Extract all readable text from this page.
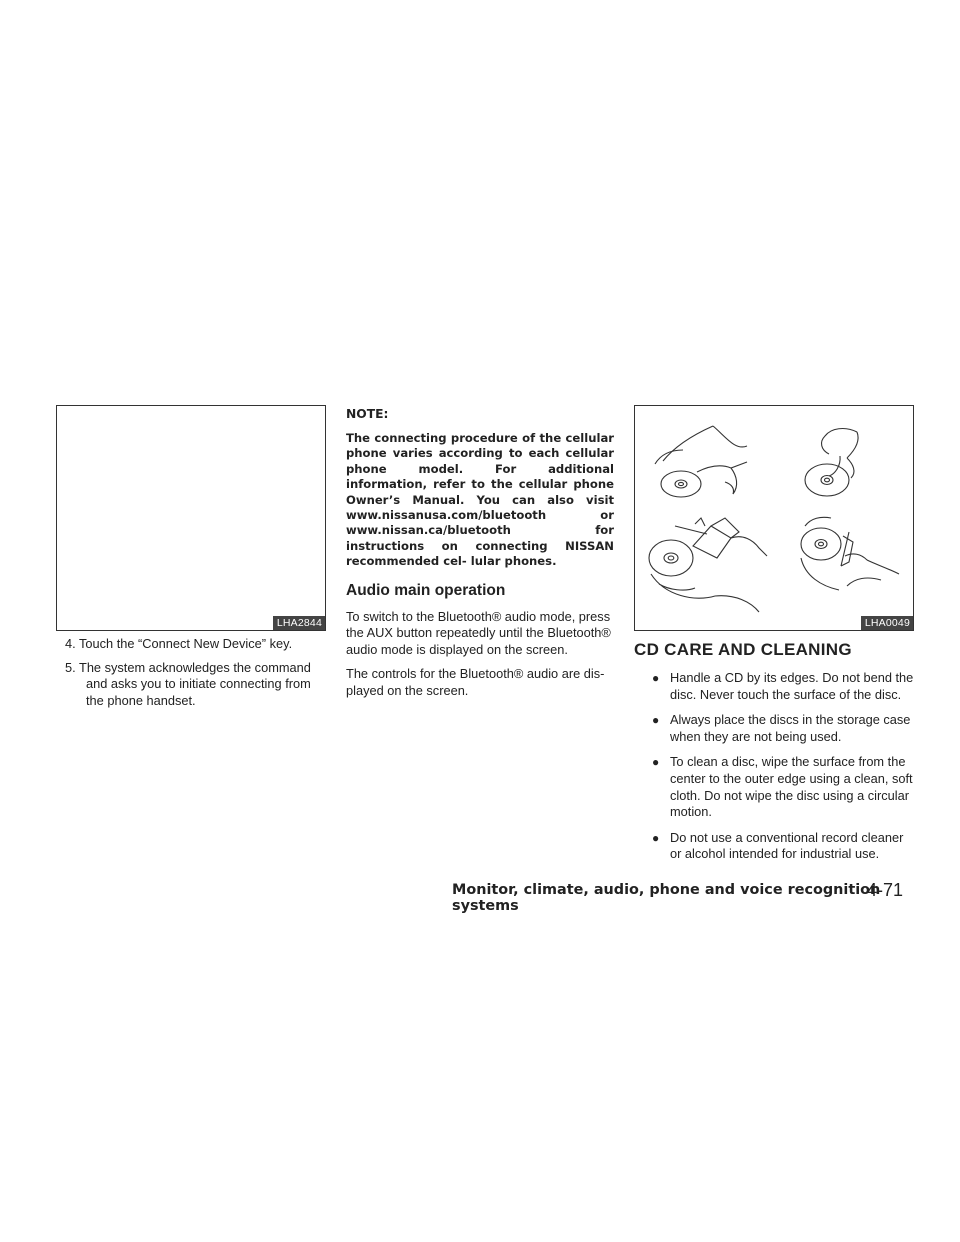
LHA2844

4. Touch the “Connect New Device” key.

5. The system acknowledges the command and asks you to initiate connecting from the phone handset.

NOTE:

The connecting procedure of the cellular phone varies according to each cellular phone model. For additional information, refer to the cellular phone Owner’s Manual. You can also visit www.nissanusa.com/bluetooth or www.nissan.ca/bluetooth for instructions on connecting NISSAN recommended cel- lular phones.

Audio main operation

To switch to the Bluetooth® audio mode, press the AUX button repeatedly until the Bluetooth® audio mode is displayed on the screen.

The controls for the Bluetooth® audio are dis- played on the screen.

LHA0049
CD CARE AND CLEANING
● Handle a CD by its edges. Do not bend the disc. Never touch the surface of the disc.
● Always place the discs in the storage case when they are not being used.
● To clean a disc, wipe the surface from the center to the outer edge using a clean, soft cloth. Do not wipe the disc using a circular motion.
● Do not use a conventional record cleaner or alcohol intended for industrial use.
Monitor, climate, audio, phone and voice recognition systems
4-71
